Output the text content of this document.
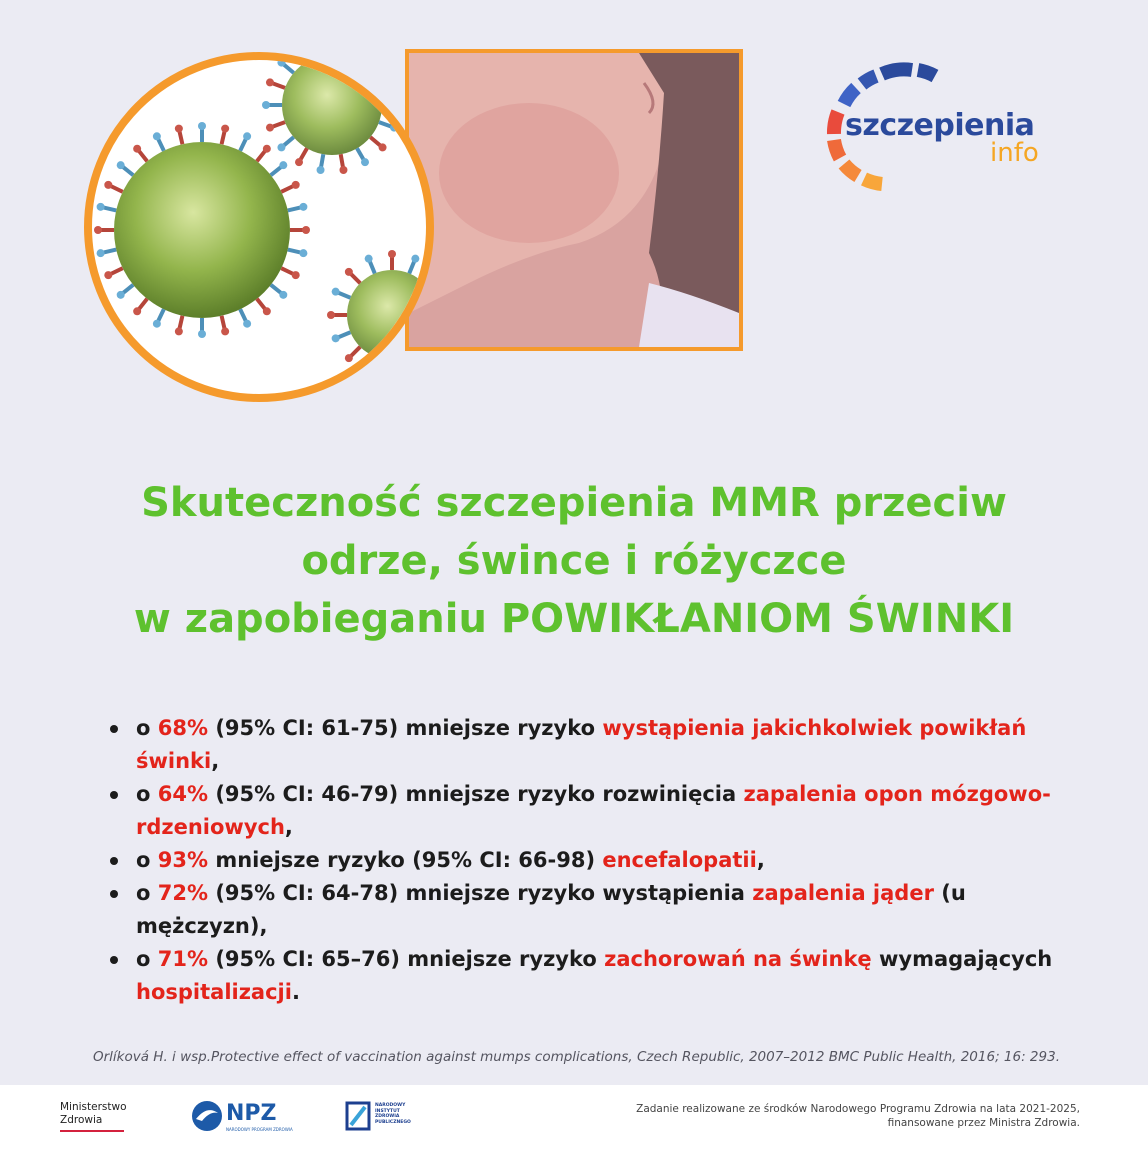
szczepienia
info
Skuteczność szczepienia MMR przeciw
odrze, śwince i różyczce
w zapobieganiu POWIKŁANIOM ŚWINKI
o 68% (95% CI: 61-75) mniejsze ryzyko wystąpienia jakichkolwiek powikłań świnki,
o 64% (95% CI: 46-79) mniejsze ryzyko rozwinięcia zapalenia opon mózgowo-rdzeniowych,
o 93% mniejsze ryzyko (95% CI: 66-98) encefalopatii,
o 72% (95% CI: 64-78) mniejsze ryzyko wystąpienia zapalenia jąder (u mężczyzn),
o 71% (95% CI: 65–76) mniejsze ryzyko zachorowań na świnkę wymagających hospitalizacji.
Orlíková H. i wsp.Protective effect of vaccination against mumps complications, Czech Republic, 2007–2012 BMC Public Health, 2016; 16: 293.
Ministerstwo
Zdrowia	NPZ
NARODOWY PROGRAM ZDROWIA
NARODOWY
INSTYTUT
ZDROWIA
PUBLICZNEGO
Zadanie realizowane ze środków Narodowego Programu Zdrowia na lata 2021-2025,
finansowane przez Ministra Zdrowia.
